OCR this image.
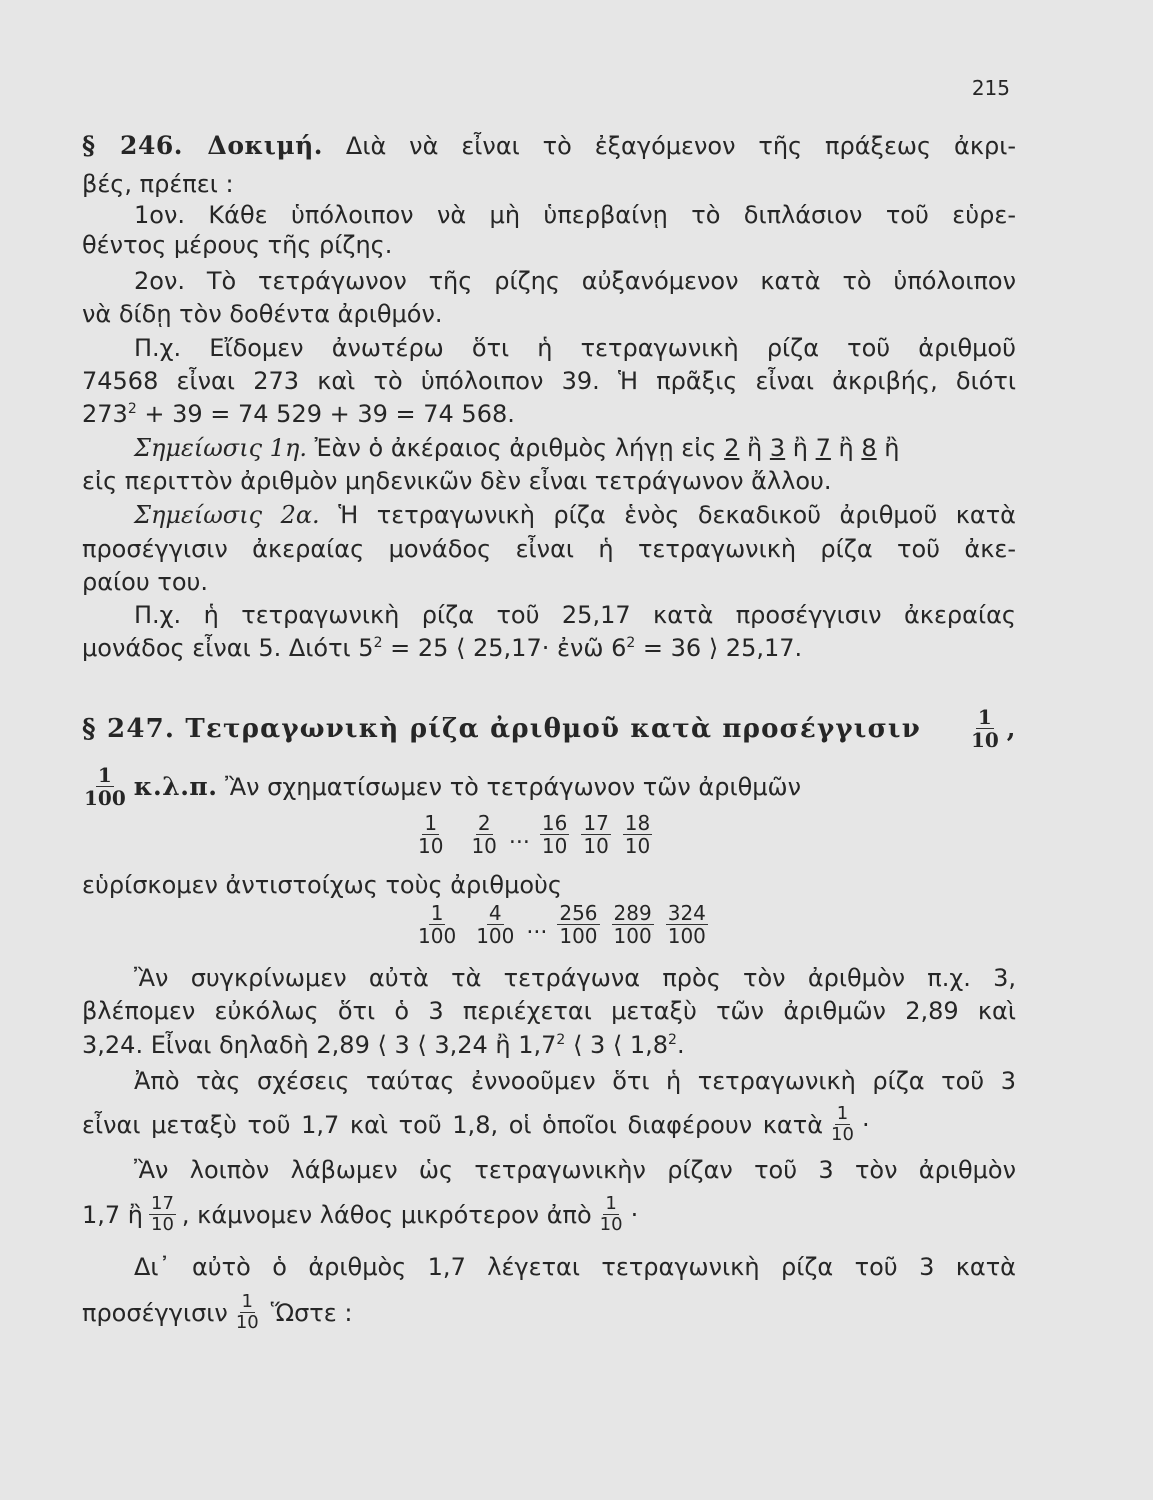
215
§ 246. Δοκιμή. Διὰ νὰ εἶναι τὸ ἐξαγόμενον τῆς πράξεως ἀκρι-
βές, πρέπει :
1ον. Κάθε ὑπόλοιπον νὰ μὴ ὑπερβαίνῃ τὸ διπλάσιον τοῦ εὑρε-
θέντος μέρους τῆς ρίζης.
2ον. Τὸ τετράγωνον τῆς ρίζης αὐξανόμενον κατὰ τὸ ὑπόλοιπον
νὰ δίδῃ τὸν δοθέντα ἀριθμόν.
Π.χ. Εἴδομεν ἀνωτέρω ὅτι ἡ τετραγωνικὴ ρίζα τοῦ ἀριθμοῦ
74568 εἶναι 273 καὶ τὸ ὑπόλοιπον 39. Ἡ πρᾶξις εἶναι ἀκριβής, διότι
$273^2 + 39 = 74$ 529 + 39 = 74 568.
Σημείωσις 1η. Ἐὰν ὁ ἀκέραιος ἀριθμὸς λήγῃ εἰς 2 ἢ 3 ἢ 7 ἢ 8 ἢ
εἰς περιττὸν ἀριθμὸν μηδενικῶν δὲν εἶναι τετράγωνον ἄλλου.
Σημείωσις 2α. Ἡ τετραγωνικὴ ρίζα ἑνὸς δεκαδικοῦ ἀριθμοῦ κατὰ
προσέγγισιν ἀκεραίας μονάδος εἶναι ἡ τετραγωνικὴ ρίζα τοῦ ἀκε-
ραίου του.
Π.χ. ἡ τετραγωνικὴ ρίζα τοῦ 25,17 κατὰ προσέγγισιν ἀκεραίας
μονάδος εἶναι 5. Διότι $5^2 = 25$ ⟨ 25,17· ἐνῶ $6^2 = 36$ ⟩ 25,17.
§ 247. Τετραγωνικὴ ρίζα ἀριθμοῦ κατὰ προσέγγισιν $\frac{1}{10}$ ,
$\frac{1}{100} \kappa.\lambda.\pi$. Ἂν σχηματίσωμεν τὸ τετράγωνον τῶν ἀριθμῶν
$\frac{1}{10} \frac{2}{10}$ ... $\frac{16}{10} \frac{17}{10} \frac{18}{10}$
εὑρίσκομεν ἀντιστοίχως τοὺς ἀριθμοὺς
$\frac{1}{100} \frac{4}{100}$ ... $\frac{256}{100} \frac{289}{100} \frac{324}{100}$
Ἂν συγκρίνωμεν αὐτὰ τὰ τετράγωνα πρὸς τὸν ἀριθμὸν π.χ. 3,
βλέπομεν εὐκόλως ὅτι ὁ 3 περιέχεται μεταξὺ τῶν ἀριθμῶν 2,89 καὶ
3,24. Εἶναι δηλαδὴ 2,89 ⟨ 3 ⟨ 3,24 ἢ $1,7^2$ ⟨ 3 ⟨ $1,8^2$.
Ἀπὸ τὰς σχέσεις ταύτας ἐννοοῦμεν ὅτι ἡ τετραγωνικὴ ρίζα τοῦ 3
εἶναι μεταξὺ τοῦ 1,7 καὶ τοῦ 1,8, οἱ ὁποῖοι διαφέρουν κατὰ $\frac{1}{10}$ ·
Ἂν λοιπὸν λάβωμεν ὡς τετραγωνικὴν ρίζαν τοῦ 3 τὸν ἀριθμὸν
1,7 ἢ $\frac{17}{10}$ , κάμνομεν λάθος μικρότερον ἀπὸ $\frac{1}{10}$ ·
Δι᾽ αὐτὸ ὁ ἀριθμὸς 1,7 λέγεται τετραγωνικὴ ρίζα τοῦ 3 κατὰ
προσέγγισιν $\frac{1}{10}$ Ὥστε :
